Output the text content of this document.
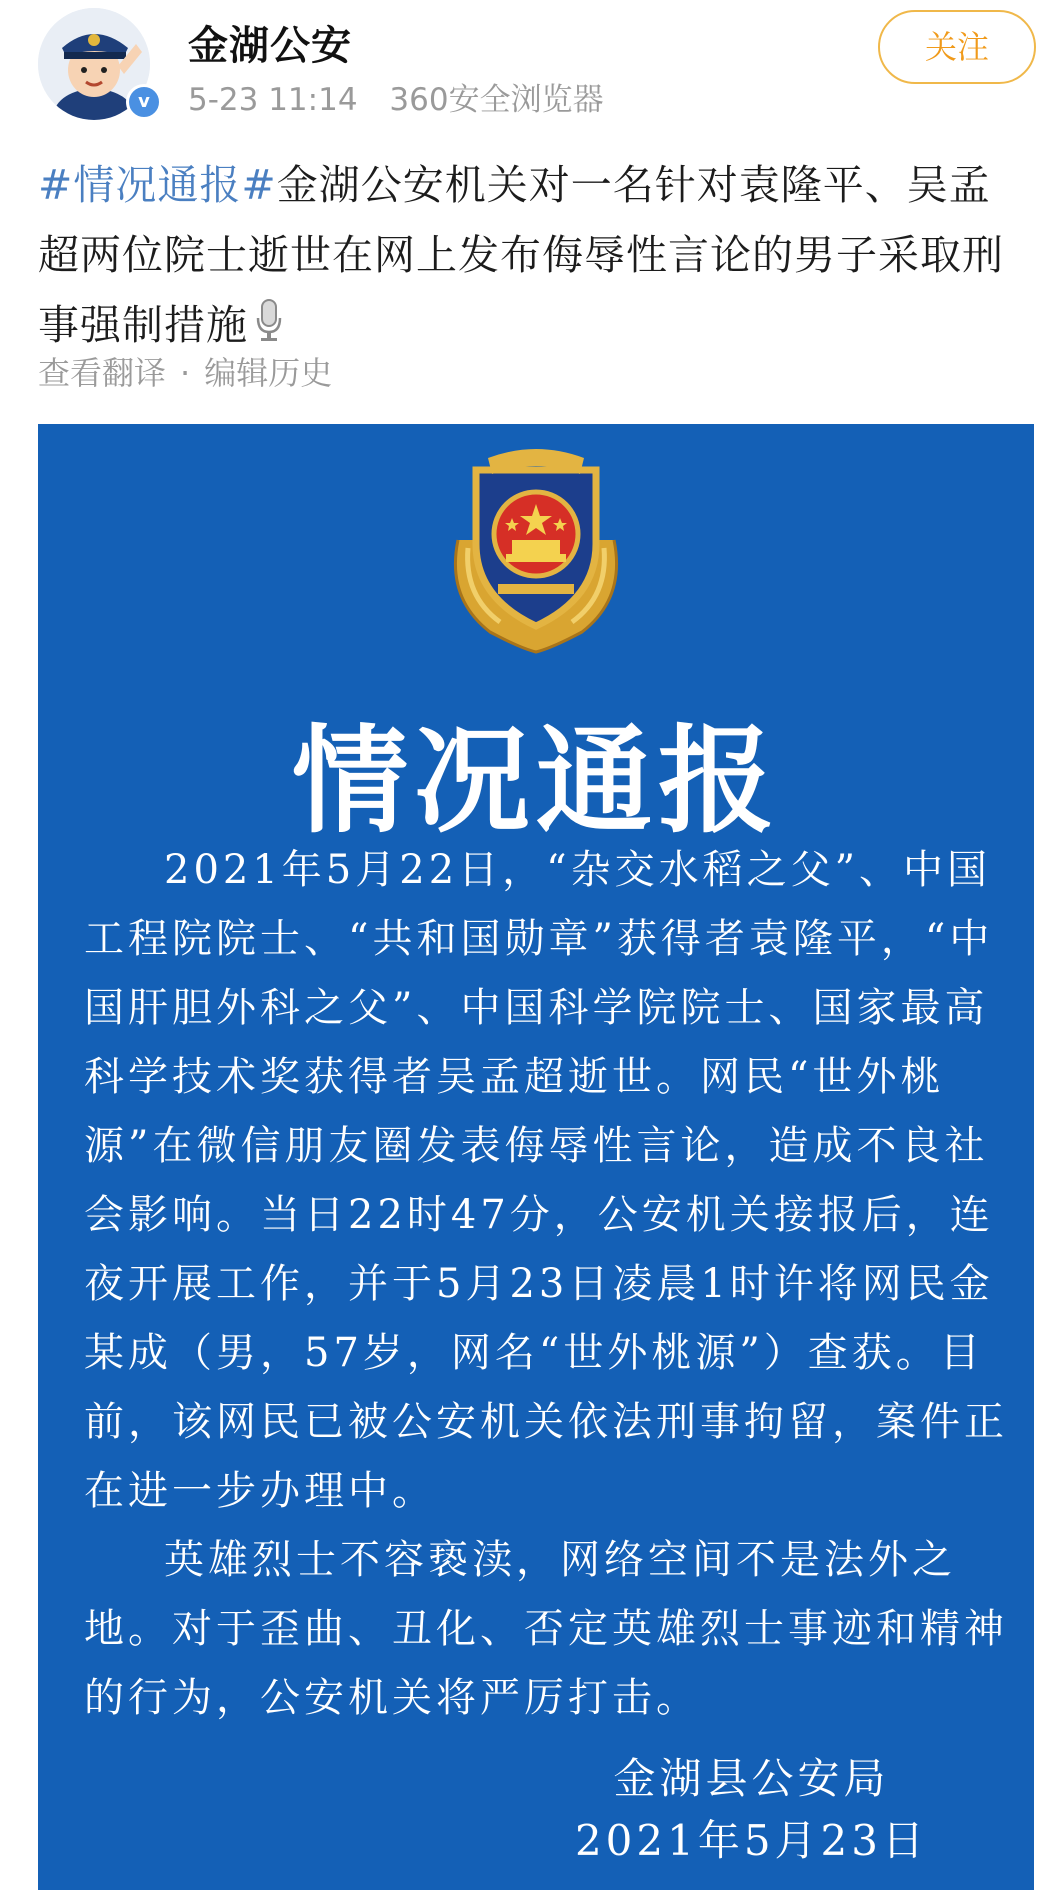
v
金湖公安
5-23 11:14 360安全浏览器
关注
#情况通报#金湖公安机关对一名针对袁隆平、吴孟超两位院士逝世在网上发布侮辱性言论的男子采取刑事强制措施
查看翻译 · 编辑历史
情况通报

2021年5月22日，“杂交水稻之父”、中国工程院院士、“共和国勋章”获得者袁隆平，“中国肝胆外科之父”、中国科学院院士、国家最高科学技术奖获得者吴孟超逝世。网民“世外桃源”在微信朋友圈发表侮辱性言论，造成不良社会影响。当日22时47分，公安机关接报后，连夜开展工作，并于5月23日凌晨1时许将网民金某成（男，57岁，网名“世外桃源”）查获。目前，该网民已被公安机关依法刑事拘留，案件正在进一步办理中。

英雄烈士不容亵渎，网络空间不是法外之地。对于歪曲、丑化、否定英雄烈士事迹和精神的行为，公安机关将严厉打击。

金湖县公安局
2021年5月23日
